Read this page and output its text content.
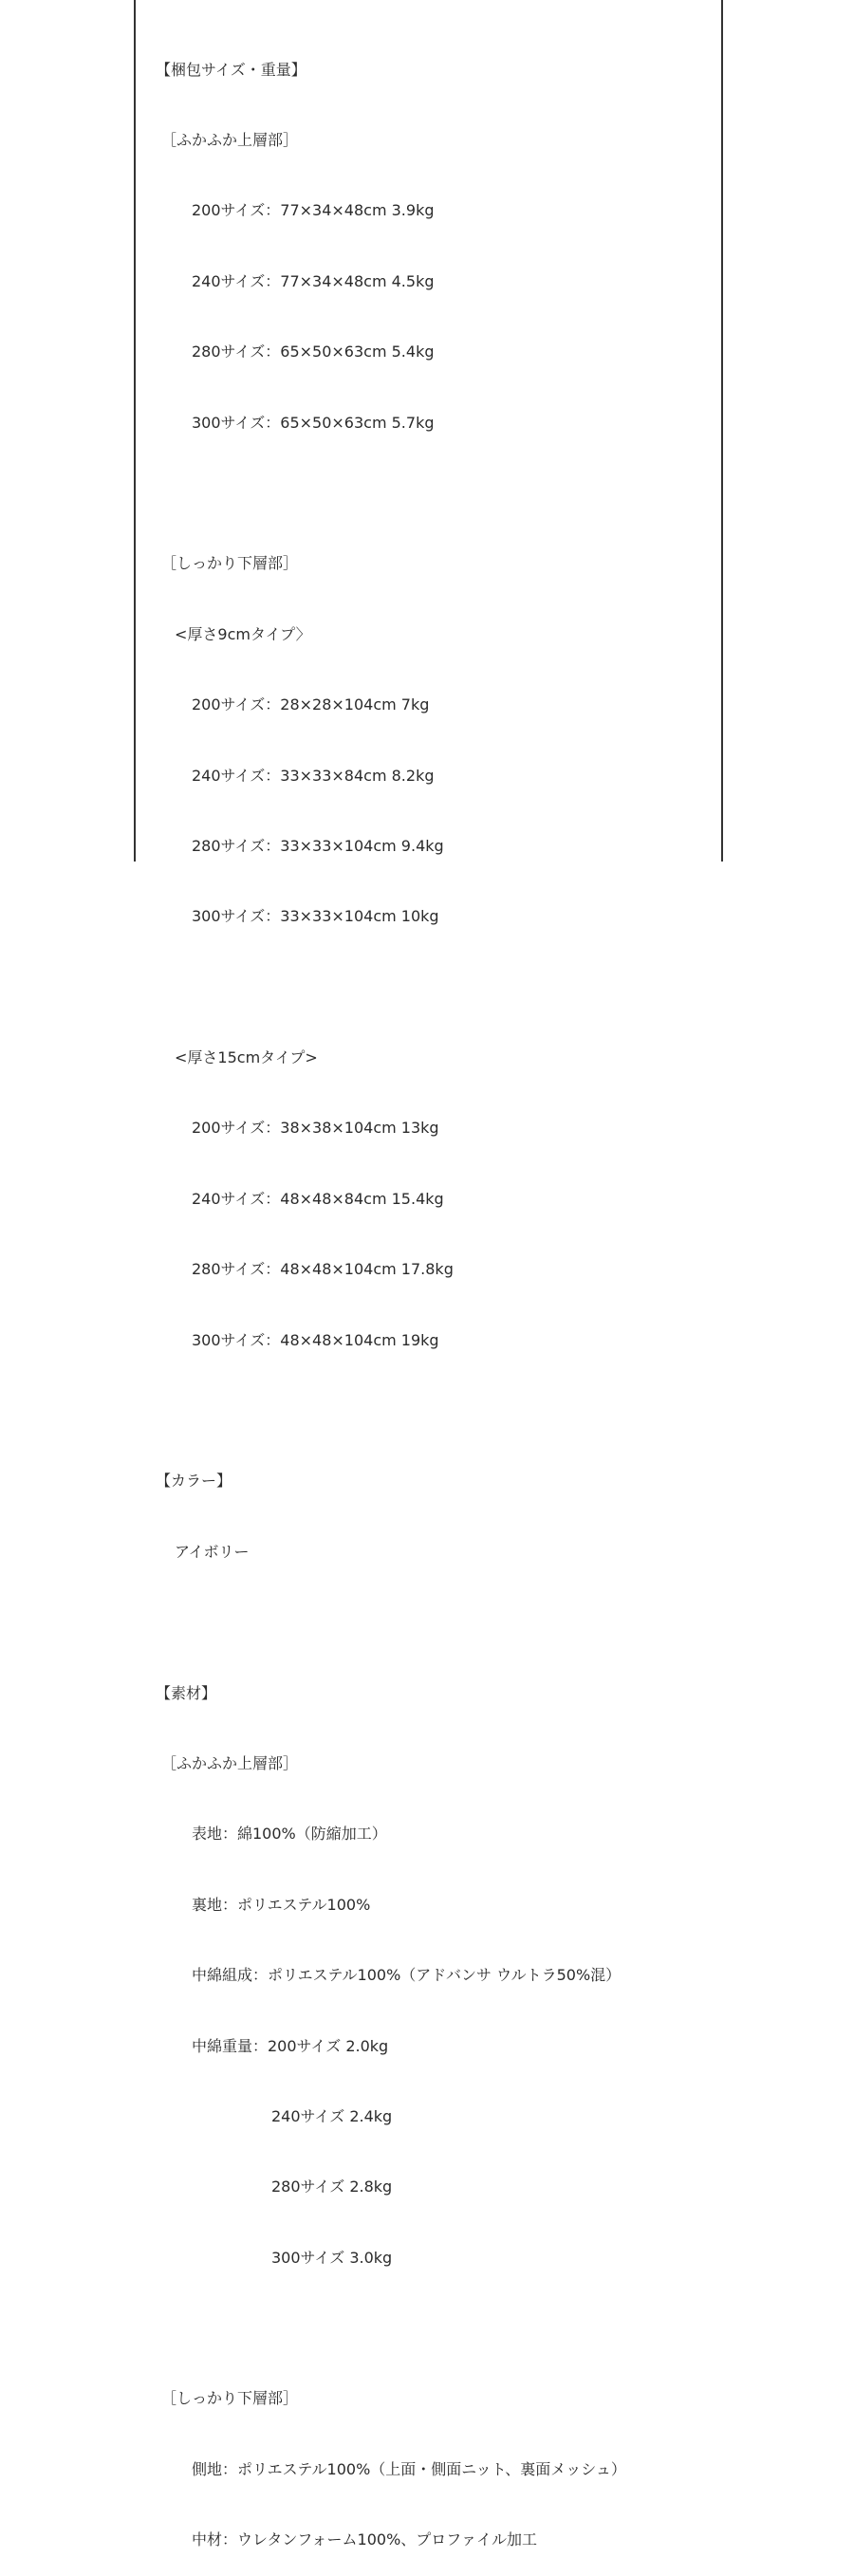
【梱包サイズ・重量】

［ふかふか上層部］

200サイズ：77×34×48cm 3.9kg

240サイズ：77×34×48cm 4.5kg

280サイズ：65×50×63cm 5.4kg

300サイズ：65×50×63cm 5.7kg

［しっかり下層部］

<厚さ9cmタイプ〉

200サイズ：28×28×104cm 7kg

240サイズ：33×33×84cm 8.2kg

280サイズ：33×33×104cm 9.4kg

300サイズ：33×33×104cm 10kg

<厚さ15cmタイプ>

200サイズ：38×38×104cm 13kg

240サイズ：48×48×84cm 15.4kg

280サイズ：48×48×104cm 17.8kg

300サイズ：48×48×104cm 19kg

【カラー】

アイボリー

【素材】

［ふかふか上層部］

表地：綿100%（防縮加工）

裏地：ポリエステル100%

中綿組成：ポリエステル100%（アドバンサ ウルトラ50%混）

中綿重量：200サイズ 2.0kg

240サイズ 2.4kg

280サイズ 2.8kg

300サイズ 3.0kg

［しっかり下層部］

側地：ポリエステル100%（上面・側面ニット、裏面メッシュ）

中材：ウレタンフォーム100%、プロファイル加工
